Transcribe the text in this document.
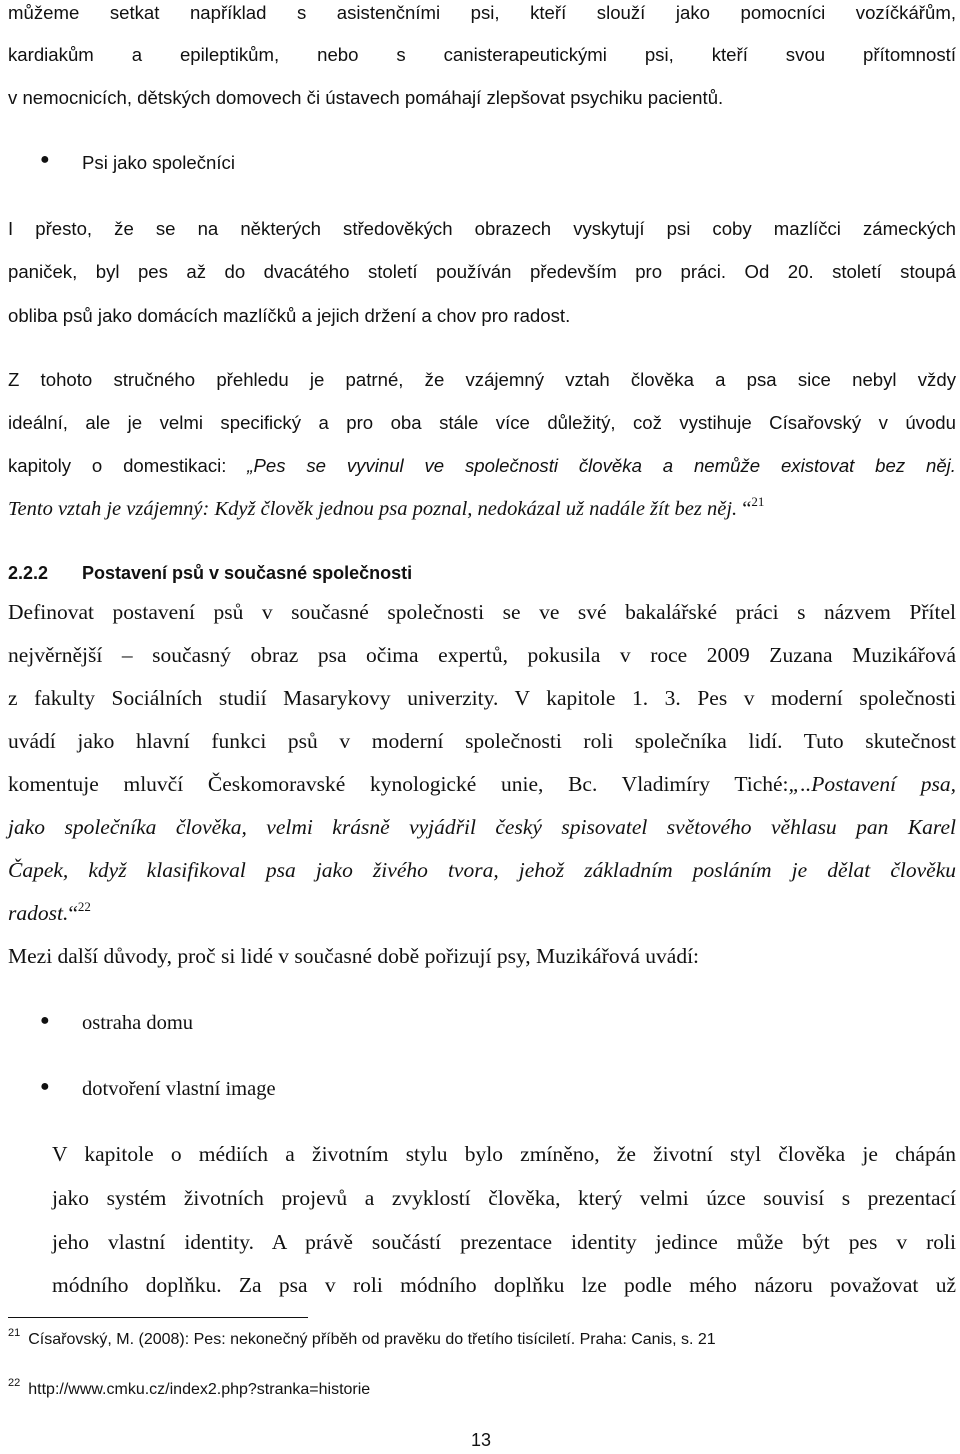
můžeme setkat například s asistenčními psi, kteří slouží jako pomocníci vozíčkářům,
kardiakům a epileptikům, nebo s canisterapeutickými psi, kteří svou přítomností
v nemocnicích, dětských domovech či ústavech pomáhají zlepšovat psychiku pacientů.
● Psi jako společníci
I přesto, že se na některých středověkých obrazech vyskytují psi coby mazlíčci zámeckých
paniček, byl pes až do dvacátého století používán především pro práci. Od 20. století stoupá
obliba psů jako domácích mazlíčků a jejich držení a chov pro radost.
Z tohoto stručného přehledu je patrné, že vzájemný vztah člověka a psa sice nebyl vždy
ideální, ale je velmi specifický a pro oba stále více důležitý, což vystihuje Císařovský v úvodu
kapitoly o domestikaci: „Pes se vyvinul ve společnosti člověka a nemůže existovat bez něj.
Tento vztah je vzájemný: Když člověk jednou psa poznal, nedokázal už nadále žít bez něj. “$^{21}$
2.2.2 Postavení psů v současné společnosti
Definovat postavení psů v současné společnosti se ve své bakalářské práci s názvem Přítel
nejvěrnější – současný obraz psa očima expertů, pokusila v roce 2009 Zuzana Muzikářová
z fakulty Sociálních studií Masarykovy univerzity. V kapitole 1. 3. Pes v moderní společnosti
uvádí jako hlavní funkci psů v moderní společnosti roli společníka lidí. Tuto skutečnost
komentuje mluvčí Českomoravské kynologické unie, Bc. Vladimíry Tiché:„..Postavení psa,
jako společníka člověka, velmi krásně vyjádřil český spisovatel světového věhlasu pan Karel
Čapek, když klasifikoval psa jako živého tvora, jehož základním posláním je dělat člověku
radost.“$^{22}$
Mezi další důvody, proč si lidé v současné době pořizují psy, Muzikářová uvádí:
● ostraha domu
● dotvoření vlastní image
V kapitole o médiích a životním stylu bylo zmíněno, že životní styl člověka je chápán
jako systém životních projevů a zvyklostí člověka, který velmi úzce souvisí s prezentací
jeho vlastní identity. A právě součástí prezentace identity jedince může být pes v roli
módního doplňku. Za psa v roli módního doplňku lze podle mého názoru považovat už
$^{21}$ Císařovský, M. (2008): Pes: nekonečný příběh od pravěku do třetího tisíciletí. Praha: Canis, s. 21
$^{22}$ http://www.cmku.cz/index2.php?stranka=historie
13
